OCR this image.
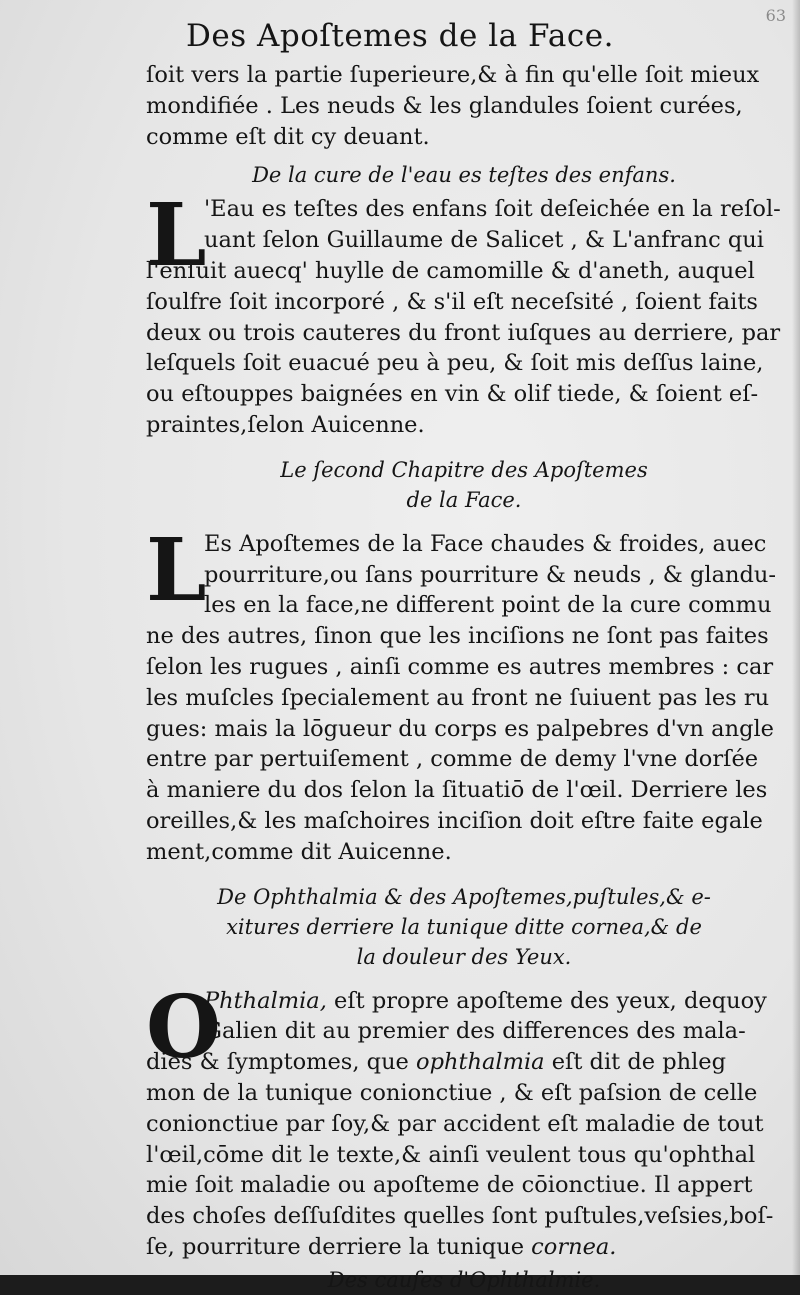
63
Des Apoſtemes de la Face.
ſoit vers la partie ſuperieure,& à fin qu'elle ſoit mieux
mondifiée . Les neuds & les glandules ſoient curées,
comme eſt dit cy deuant.
De la cure de l'eau es teſtes des enfans.
L
'Eau es teſtes des enfans ſoit deſeichée en la reſol-
uant ſelon Guillaume de Salicet , & L'anfranc qui
l'enſuit auecq' huylle de camomille & d'aneth, auquel
ſoulfre ſoit incorporé , & s'il eſt neceſsité , ſoient faits
deux ou trois cauteres du front iuſques au derriere, par
leſquels ſoit euacué peu à peu, & ſoit mis deſſus laine,
ou eſtouppes baignées en vin & olif tiede, & ſoient eſ-
praintes,ſelon Auicenne.
Le ſecond Chapitre des Apoſtemes
de la Face.
L
Es Apoſtemes de la Face chaudes & froides, auec
pourriture,ou ſans pourriture & neuds , & glandu-
les en la face,ne different point de la cure commu
ne des autres, ſinon que les inciſions ne ſont pas faites
ſelon les rugues , ainſi comme es autres membres : car
les muſcles ſpecialement au front ne ſuiuent pas les ru
gues: mais la lōgueur du corps es palpebres d'vn angle
entre par pertuiſement , comme de demy l'vne dorſée
à maniere du dos ſelon la ſituatiō de l'œil. Derriere les
oreilles,& les maſchoires inciſion doit eſtre faite egale
ment,comme dit Auicenne.
De Ophthalmia & des Apoſtemes,puſtules,& e-
xitures derriere la tunique ditte cornea,& de
la douleur des Yeux.
O
Phthalmia, eſt propre apoſteme des yeux, dequoy
Galien dit au premier des differences des mala-
dies & ſymptomes, que ophthalmia eſt dit de phleg
mon de la tunique conionctiue , & eſt paſsion de celle
conionctiue par ſoy,& par accident eſt maladie de tout
l'œil,cōme dit le texte,& ainſi veulent tous qu'ophthal
mie ſoit maladie ou apoſteme de cōionctiue. Il appert
des choſes deſſuſdites quelles ſont puſtules,veſsies,boſ-
ſe, pourriture derriere la tunique cornea.
Des cauſes d'Ophthalmie.
